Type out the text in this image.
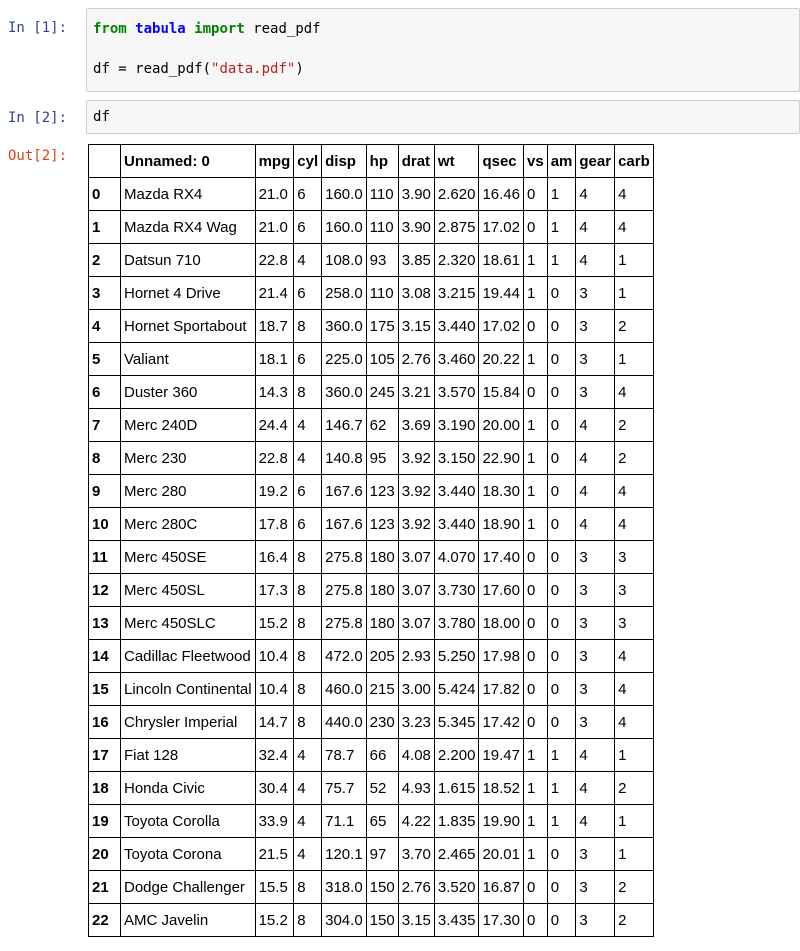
In [1]:	from tabula import read_pdf
df = read_pdf("data.pdf")
In [2]:	df
Out[2]:
		Unnamed: 0	mpg	cyl	disp	hp	drat	wt	qsec	vs	am	gear	carb
0	Mazda RX4	21.0	6	160.0	110	3.90	2.620	16.46	0	1	4	4
1	Mazda RX4 Wag	21.0	6	160.0	110	3.90	2.875	17.02	0	1	4	4
2	Datsun 710	22.8	4	108.0	93	3.85	2.320	18.61	1	1	4	1
3	Hornet 4 Drive	21.4	6	258.0	110	3.08	3.215	19.44	1	0	3	1
4	Hornet Sportabout	18.7	8	360.0	175	3.15	3.440	17.02	0	0	3	2
5	Valiant	18.1	6	225.0	105	2.76	3.460	20.22	1	0	3	1
6	Duster 360	14.3	8	360.0	245	3.21	3.570	15.84	0	0	3	4
7	Merc 240D	24.4	4	146.7	62	3.69	3.190	20.00	1	0	4	2
8	Merc 230	22.8	4	140.8	95	3.92	3.150	22.90	1	0	4	2
9	Merc 280	19.2	6	167.6	123	3.92	3.440	18.30	1	0	4	4
10	Merc 280C	17.8	6	167.6	123	3.92	3.440	18.90	1	0	4	4
11	Merc 450SE	16.4	8	275.8	180	3.07	4.070	17.40	0	0	3	3
12	Merc 450SL	17.3	8	275.8	180	3.07	3.730	17.60	0	0	3	3
13	Merc 450SLC	15.2	8	275.8	180	3.07	3.780	18.00	0	0	3	3
14	Cadillac Fleetwood	10.4	8	472.0	205	2.93	5.250	17.98	0	0	3	4
15	Lincoln Continental	10.4	8	460.0	215	3.00	5.424	17.82	0	0	3	4
16	Chrysler Imperial	14.7	8	440.0	230	3.23	5.345	17.42	0	0	3	4
17	Fiat 128	32.4	4	78.7	66	4.08	2.200	19.47	1	1	4	1
18	Honda Civic	30.4	4	75.7	52	4.93	1.615	18.52	1	1	4	2
19	Toyota Corolla	33.9	4	71.1	65	4.22	1.835	19.90	1	1	4	1
20	Toyota Corona	21.5	4	120.1	97	3.70	2.465	20.01	1	0	3	1
21	Dodge Challenger	15.5	8	318.0	150	2.76	3.520	16.87	0	0	3	2
22	AMC Javelin	15.2	8	304.0	150	3.15	3.435	17.30	0	0	3	2
